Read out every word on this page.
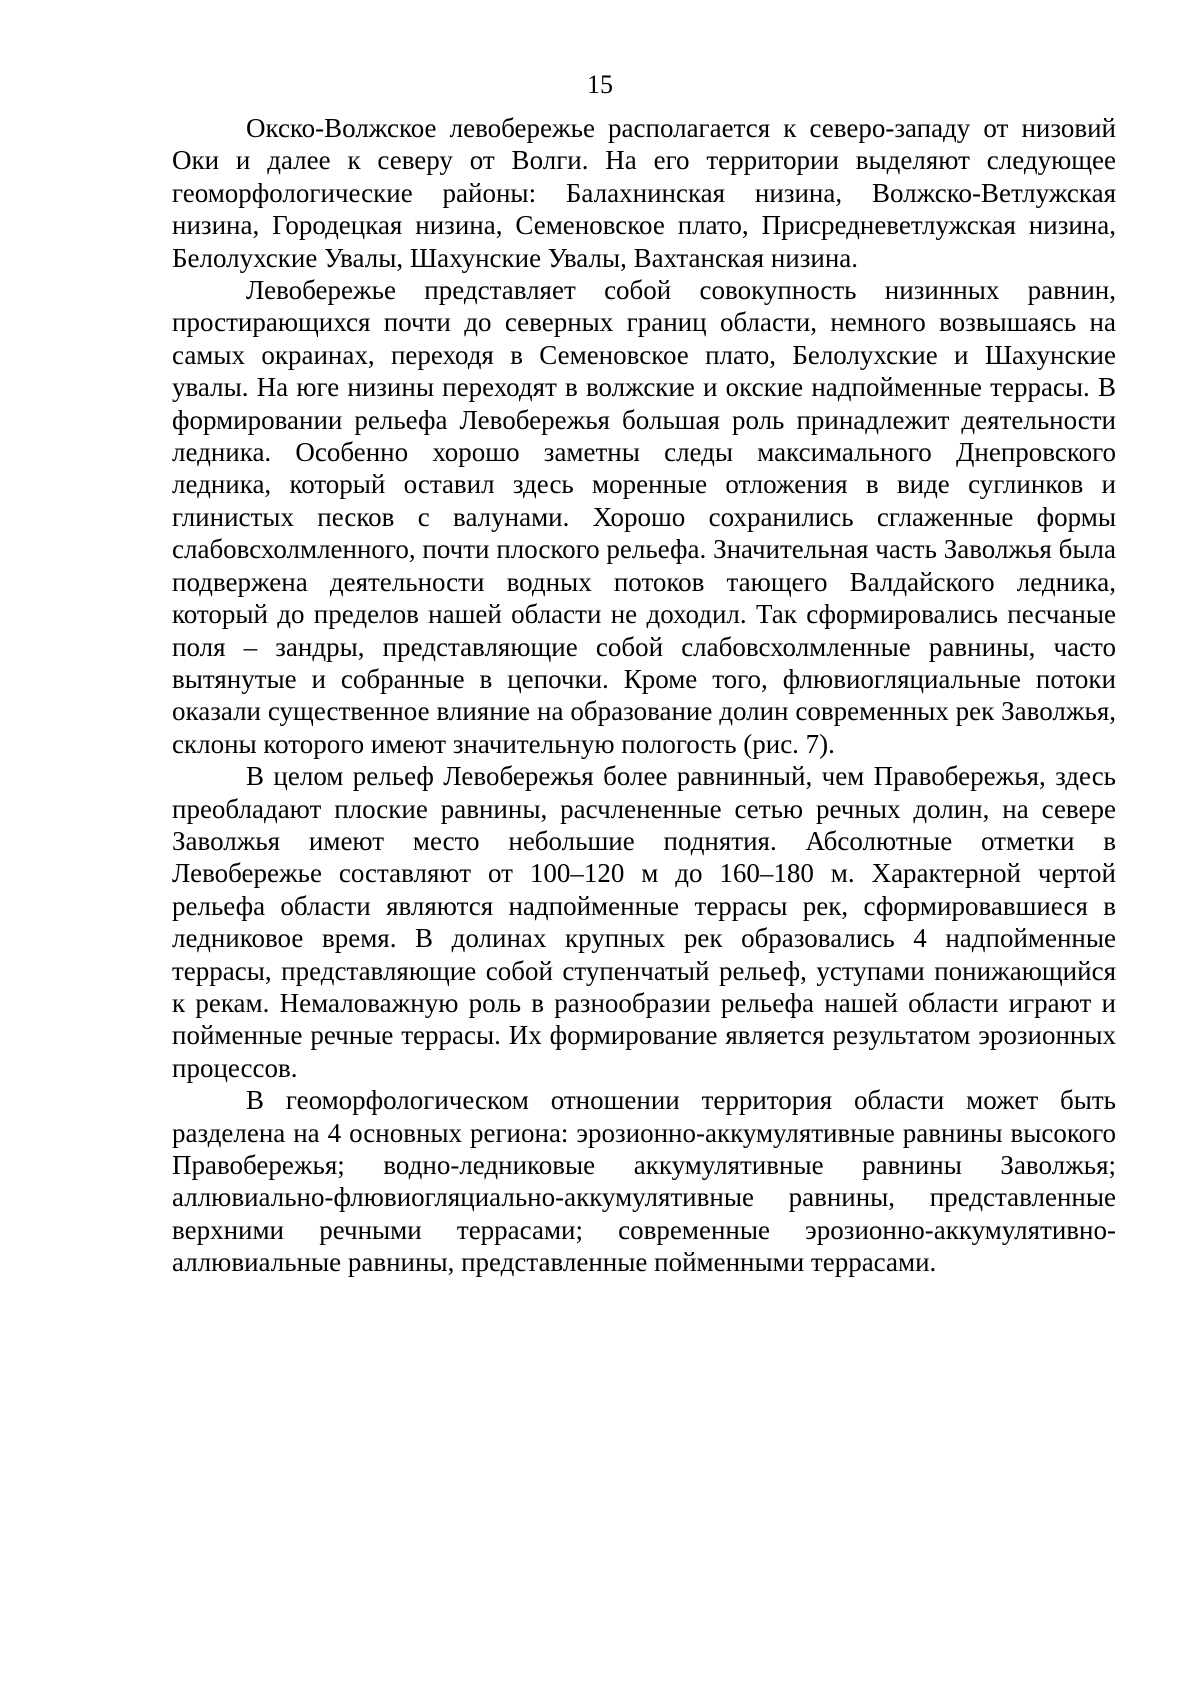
15

Окско-Волжское левобережье располагается к северо-западу от низовий Оки и далее к северу от Волги. На его территории выделяют следующее геоморфологические районы: Балахнинская низина, Волжско-Ветлужская низина, Городецкая низина, Семеновское плато, Присредневетлужская низина, Белолухские Увалы, Шахунские Увалы, Вахтанская низина.

Левобережье представляет собой совокупность низинных равнин, простирающихся почти до северных границ области, немного возвышаясь на самых окраинах, переходя в Семеновское плато, Белолухские и Шахунские увалы. На юге низины переходят в волжские и окские надпойменные террасы. В формировании рельефа Левобережья большая роль принадлежит деятельности ледника. Особенно хорошо заметны следы максимального Днепровского ледника, который оставил здесь моренные отложения в виде суглинков и глинистых песков с валунами. Хорошо сохранились сглаженные формы слабовсхолмленного, почти плоского рельефа. Значительная часть Заволжья была подвержена деятельности водных потоков тающего Валдайского ледника, который до пределов нашей области не доходил. Так сформировались песчаные поля – зандры, представляющие собой слабовсхолмленные равнины, часто вытянутые и собранные в цепочки. Кроме того, флювиогляциальные потоки оказали существенное влияние на образование долин современных рек Заволжья, склоны которого имеют значительную пологость (рис. 7).

В целом рельеф Левобережья более равнинный, чем Правобережья, здесь преобладают плоские равнины, расчлененные сетью речных долин, на севере Заволжья имеют место небольшие поднятия. Абсолютные отметки в Левобережье составляют от 100–120 м до 160–180 м. Характерной чертой рельефа области являются надпойменные террасы рек, сформировавшиеся в ледниковое время. В долинах крупных рек образовались 4 надпойменные террасы, представляющие собой ступенчатый рельеф, уступами понижающийся к рекам. Немаловажную роль в разнообразии рельефа нашей области играют и пойменные речные террасы. Их формирование является результатом эрозионных процессов.

В геоморфологическом отношении территория области может быть разделена на 4 основных региона: эрозионно-аккумулятивные равнины высокого Правобережья; водно-ледниковые аккумулятивные равнины Заволжья; аллювиально-флювиогляциально-аккумулятивные равнины, представленные верхними речными террасами; современные эрозионно-аккумулятивно-аллювиальные равнины, представленные пойменными террасами.
